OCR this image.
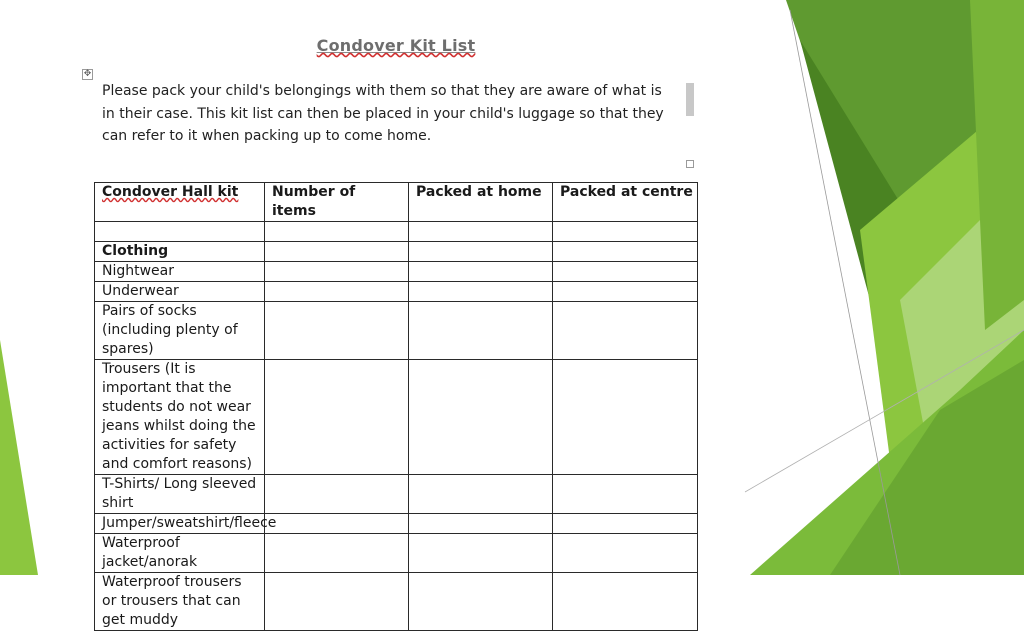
Condover Kit List
✥
Please pack your child's belongings with them so that they are aware of what is in their case. This kit list can then be placed in your child's luggage so that they can refer to it when packing up to come home.
Condover Hall kit	Number of items	Packed at home	Packed at centre

Clothing			
Nightwear			
Underwear			
Pairs of socks (including plenty of spares)			
Trousers (It is important that the students do not wear jeans whilst doing the activities for safety and comfort reasons)			
T-Shirts/ Long sleeved shirt			
Jumper/sweatshirt/fleece			
Waterproof jacket/anorak			
Waterproof trousers or trousers that can get muddy			
